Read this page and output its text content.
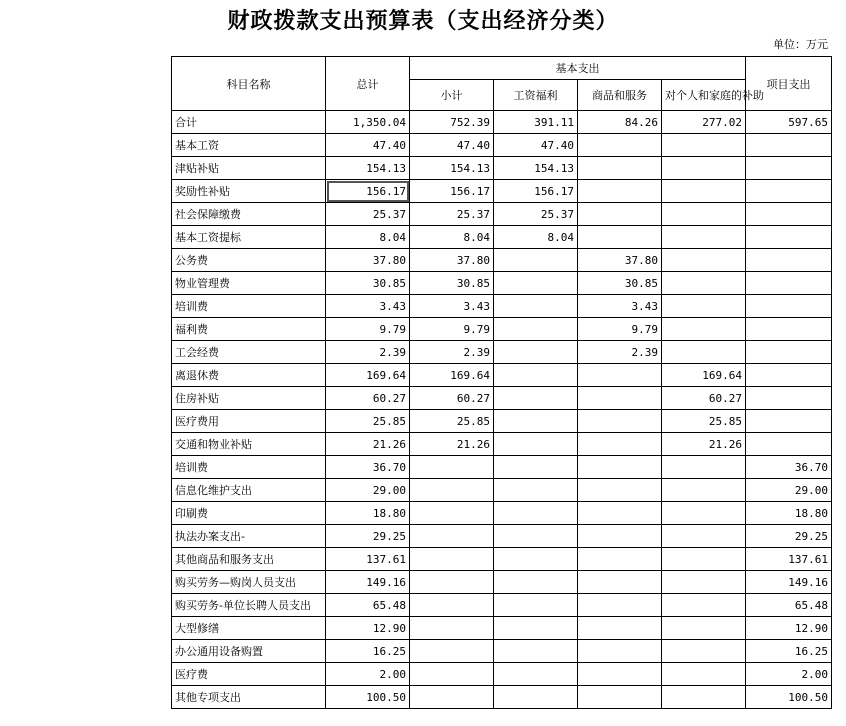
财政拨款支出预算表（支出经济分类）
单位：万元
科目名称	总计	基本支出				项目支出
		小计	工资福利	商品和服务	对个人和家庭的补助	
合计	1,350.04	752.39	391.11	84.26	277.02	597.65
基本工资	47.40	47.40	47.40			
津贴补贴	154.13	154.13	154.13			
奖励性补贴	156.17	156.17	156.17			
社会保障缴费	25.37	25.37	25.37			
基本工资提标	8.04	8.04	8.04			
公务费	37.80	37.80		37.80		
物业管理费	30.85	30.85		30.85		
培训费	3.43	3.43		3.43		
福利费	9.79	9.79		9.79		
工会经费	2.39	2.39		2.39		
离退休费	169.64	169.64			169.64	
住房补贴	60.27	60.27			60.27	
医疗费用	25.85	25.85			25.85	
交通和物业补贴	21.26	21.26			21.26	
培训费	36.70					36.70
信息化维护支出	29.00					29.00
印刷费	18.80					18.80
执法办案支出-	29.25					29.25
其他商品和服务支出	137.61					137.61
购买劳务—购岗人员支出	149.16					149.16
购买劳务-单位长聘人员支出	65.48					65.48
大型修缮	12.90					12.90
办公通用设备购置	16.25					16.25
医疗费	2.00					2.00
其他专项支出	100.50					100.50
